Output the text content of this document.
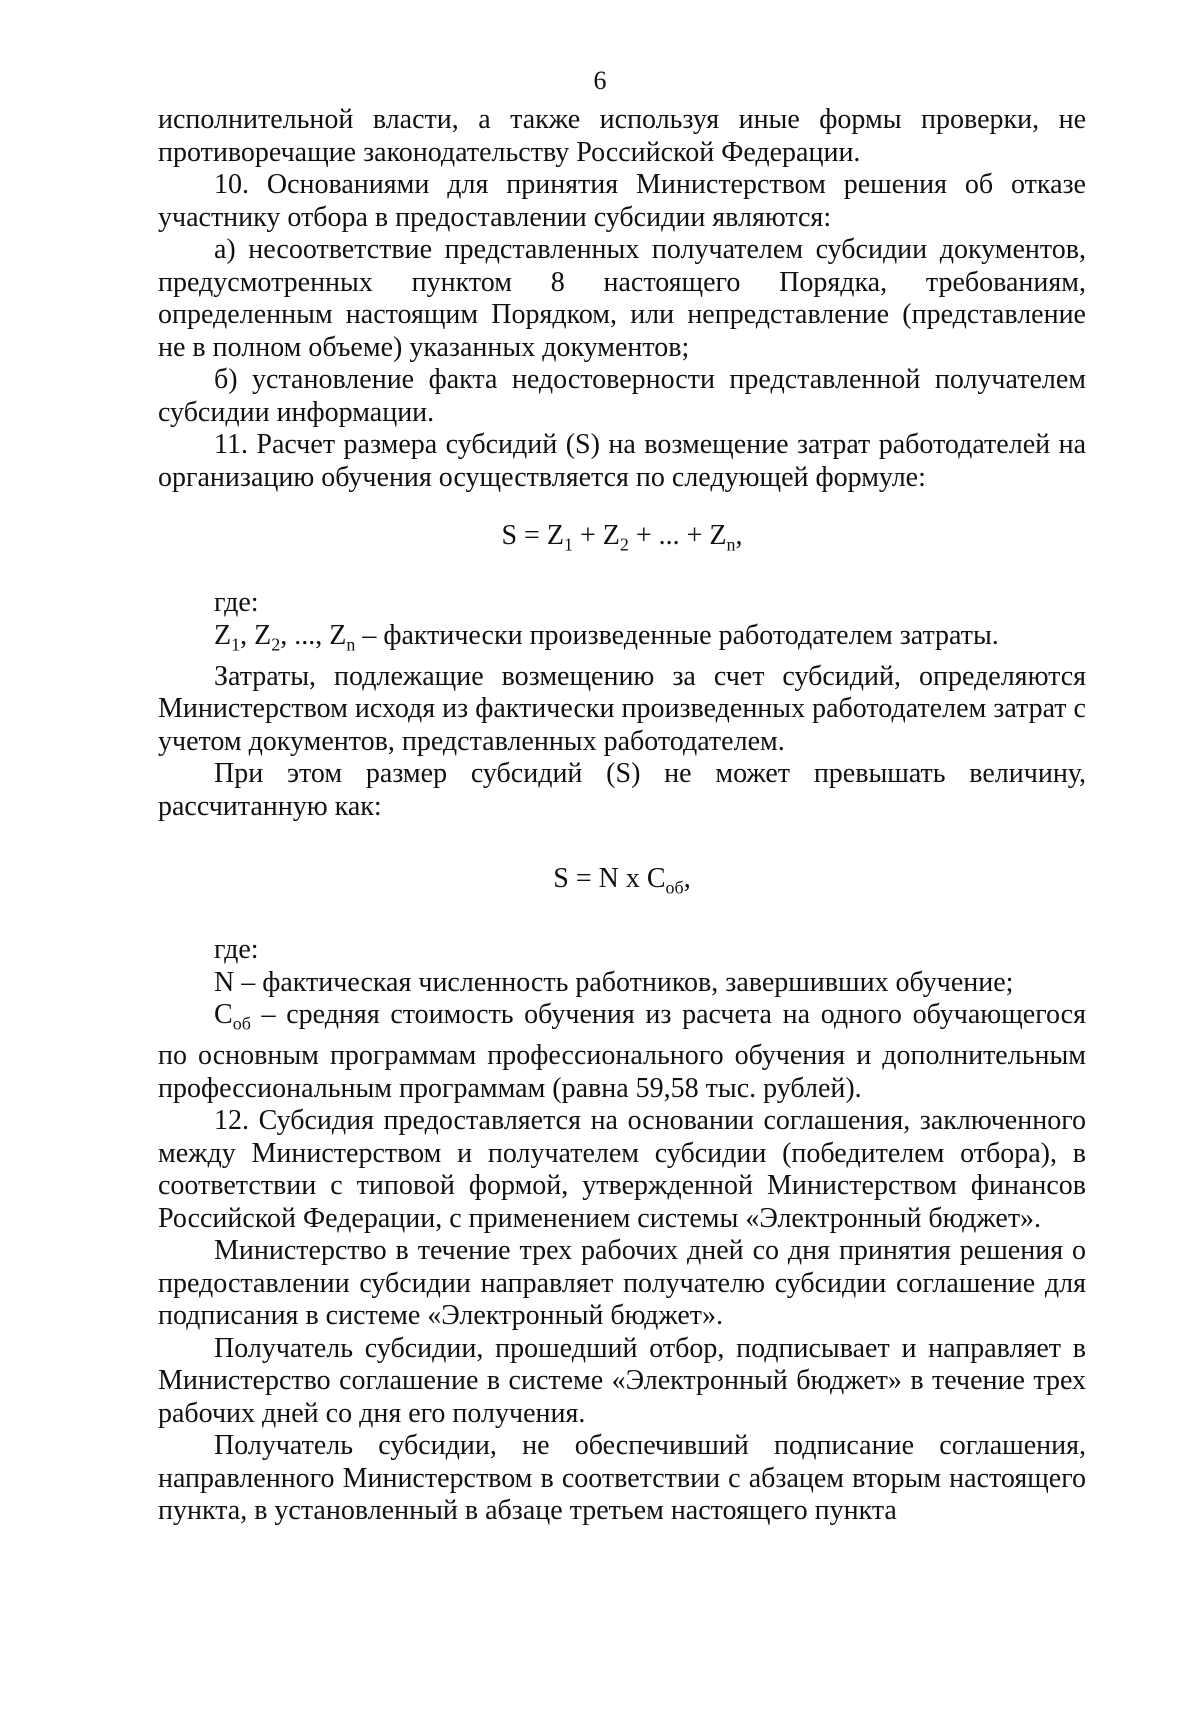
6

исполнительной власти, а также используя иные формы проверки, не противоречащие законодательству Российской Федерации.

10. Основаниями для принятия Министерством решения об отказе участнику отбора в предоставлении субсидии являются:

а) несоответствие представленных получателем субсидии документов, предусмотренных пунктом 8 настоящего Порядка, требованиям, определенным настоящим Порядком, или непредставление (представление не в полном объеме) указанных документов;

б) установление факта недостоверности представленной получателем субсидии информации.

11. Расчет размера субсидий (S) на возмещение затрат работодателей на организацию обучения осуществляется по следующей формуле:

$S = Z_1 + Z_2$ + ... + $Z_n$,

где:

$Z_1$, $Z_2$, ..., $Z_n$ – фактически произведенные работодателем затраты.

Затраты, подлежащие возмещению за счет субсидий, определяются Министерством исходя из фактически произведенных работодателем затрат с учетом документов, представленных работодателем.

При этом размер субсидий (S) не может превышать величину, рассчитанную как:

S = N x $C_{об}$,

где:

N – фактическая численность работников, завершивших обучение;

$C_{об}$ – средняя стоимость обучения из расчета на одного обучающегося по основным программам профессионального обучения и дополнительным профессиональным программам (равна 59,58 тыс. рублей).

12. Субсидия предоставляется на основании соглашения, заключенного между Министерством и получателем субсидии (победителем отбора), в соответствии с типовой формой, утвержденной Министерством финансов Российской Федерации, с применением системы «Электронный бюджет».

Министерство в течение трех рабочих дней со дня принятия решения о предоставлении субсидии направляет получателю субсидии соглашение для подписания в системе «Электронный бюджет».

Получатель субсидии, прошедший отбор, подписывает и направляет в Министерство соглашение в системе «Электронный бюджет» в течение трех рабочих дней со дня его получения.

Получатель субсидии, не обеспечивший подписание соглашения, направленного Министерством в соответствии с абзацем вторым настоящего пункта, в установленный в абзаце третьем настоящего пункта
